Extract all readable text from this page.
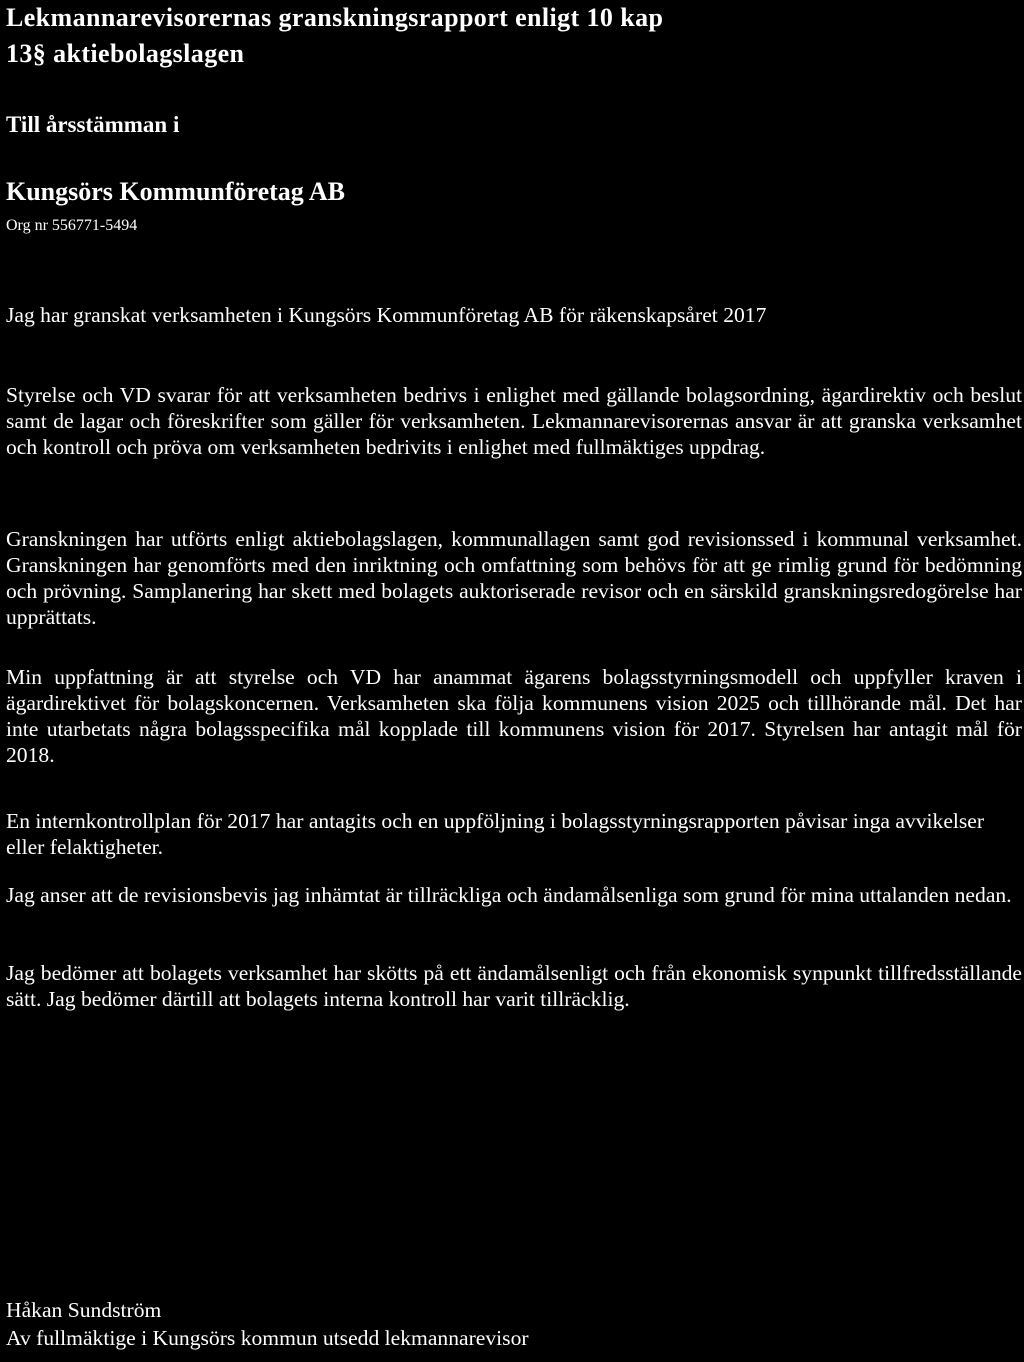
Lekmannarevisorernas granskningsrapport enligt 10 kap
13§ aktiebolagslagen
Till årsstämman i
Kungsörs Kommunföretag AB
Org nr 556771-5494

Jag har granskat verksamheten i Kungsörs Kommunföretag AB för räkenskapsåret 2017

Styrelse och VD svarar för att verksamheten bedrivs i enlighet med gällande bolagsordning, ägardirektiv och beslut samt de lagar och föreskrifter som gäller för verksamheten. Lekmannarevisorernas ansvar är att granska verksamhet och kontroll och pröva om verksamheten bedrivits i enlighet med fullmäktiges uppdrag.

Granskningen har utförts enligt aktiebolagslagen, kommunallagen samt god revisionssed i kommunal verksamhet. Granskningen har genomförts med den inriktning och omfattning som behövs för att ge rimlig grund för bedömning och prövning. Samplanering har skett med bolagets auktoriserade revisor och en särskild granskningsredogörelse har upprättats.

Min uppfattning är att styrelse och VD har anammat ägarens bolagsstyrningsmodell och uppfyller kraven i ägardirektivet för bolagskoncernen. Verksamheten ska följa kommunens vision 2025 och tillhörande mål. Det har inte utarbetats några bolagsspecifika mål kopplade till kommunens vision för 2017. Styrelsen har antagit mål för 2018.

En internkontrollplan för 2017 har antagits och en uppföljning i bolagsstyrningsrapporten påvisar inga avvikelser eller felaktigheter.

Jag anser att de revisionsbevis jag inhämtat är tillräckliga och ändamålsenliga som grund för mina uttalanden nedan.

Jag bedömer att bolagets verksamhet har skötts på ett ändamålsenligt och från ekonomisk synpunkt tillfredsställande sätt. Jag bedömer därtill att bolagets interna kontroll har varit tillräcklig.

Håkan Sundström
Av fullmäktige i Kungsörs kommun utsedd lekmannarevisor
